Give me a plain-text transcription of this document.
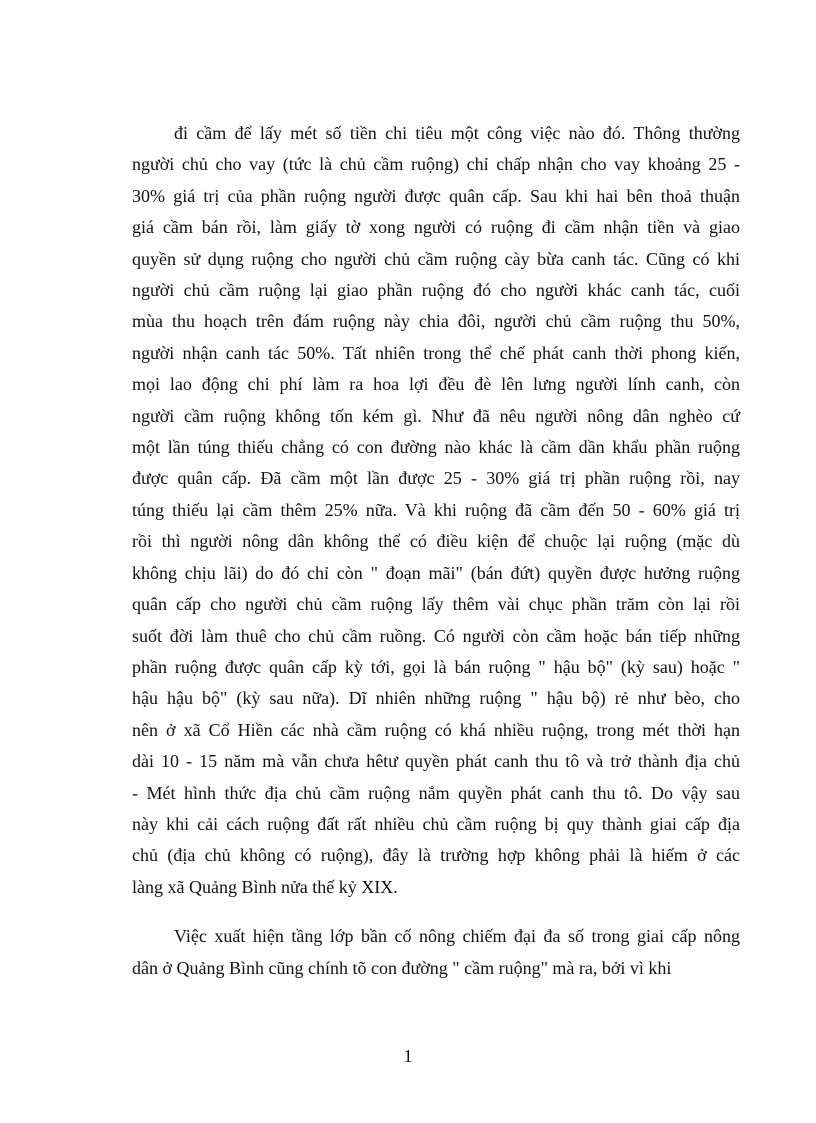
đi cầm để lấy mét số tiền chi tiêu một công việc nào đó. Thông thường
người chủ cho vay (tức là chủ cầm ruộng) chỉ chấp nhận cho vay khoảng 25 -
30% giá trị của phần ruộng người được quân cấp. Sau khi hai bên thoả thuận
giá cầm bán rồi, làm giấy tờ xong người có ruộng đi cầm nhận tiền và giao
quyền sử dụng ruộng cho người chủ cầm ruộng cày bừa canh tác. Cũng có khi
người chủ cầm ruộng lại giao phần ruộng đó cho người khác canh tác, cuối
mùa thu hoạch trên đám ruộng này chia đôi, người chủ cầm ruộng thu 50%,
người nhận canh tác 50%. Tất nhiên trong thể chế phát canh thời phong kiến,
mọi lao động chi phí làm ra hoa lợi đều đè lên lưng người lính canh, còn
người cầm ruộng không tốn kém gì. Như đã nêu người nông dân nghèo cứ
một lần túng thiếu chẳng có con đường nào khác là cầm dần khẩu phần ruộng
được quân cấp. Đã cầm một lần được 25 - 30% giá trị phần ruộng rồi, nay
túng thiếu lại cầm thêm 25% nữa. Và khi ruộng đã cầm đến 50 - 60% giá trị
rồi thì người nông dân không thể có điều kiện để chuộc lại ruộng (mặc dù
không chịu lãi) do đó chỉ còn " đoạn mãi" (bán đứt) quyền được hưởng ruộng
quân cấp cho người chủ cầm ruộng lấy thêm vài chục phần trăm còn lại rồi
suốt đời làm thuê cho chủ cầm ruồng. Có người còn cầm hoặc bán tiếp những
phần ruộng được quân cấp kỳ tới, gọi là bán ruộng " hậu bộ" (kỳ sau) hoặc "
hậu hậu bộ" (kỳ sau nữa). Dĩ nhiên những ruộng " hậu bộ) rẻ như bèo, cho
nên ở xã Cổ Hiền các nhà cầm ruộng có khá nhiều ruộng, trong mét thời hạn
dài 10 - 15 năm mà vẫn chưa hêtư quyền phát canh thu tô và trở thành địa chủ
- Mét hình thức địa chủ cầm ruộng nắm quyền phát canh thu tô. Do vậy sau
này khi cải cách ruộng đất rất nhiều chủ cầm ruộng bị quy thành giai cấp địa
chủ (địa chủ không có ruộng), đây là trường hợp không phải là hiếm ở các
làng xã Quảng Bình nửa thế kỷ XIX.

Việc xuất hiện tầng lớp bần cố nông chiếm đại đa số trong giai cấp nông
dân ở Quảng Bình cũng chính tõ con đường " cầm ruộng" mà ra, bởi vì khi

1
